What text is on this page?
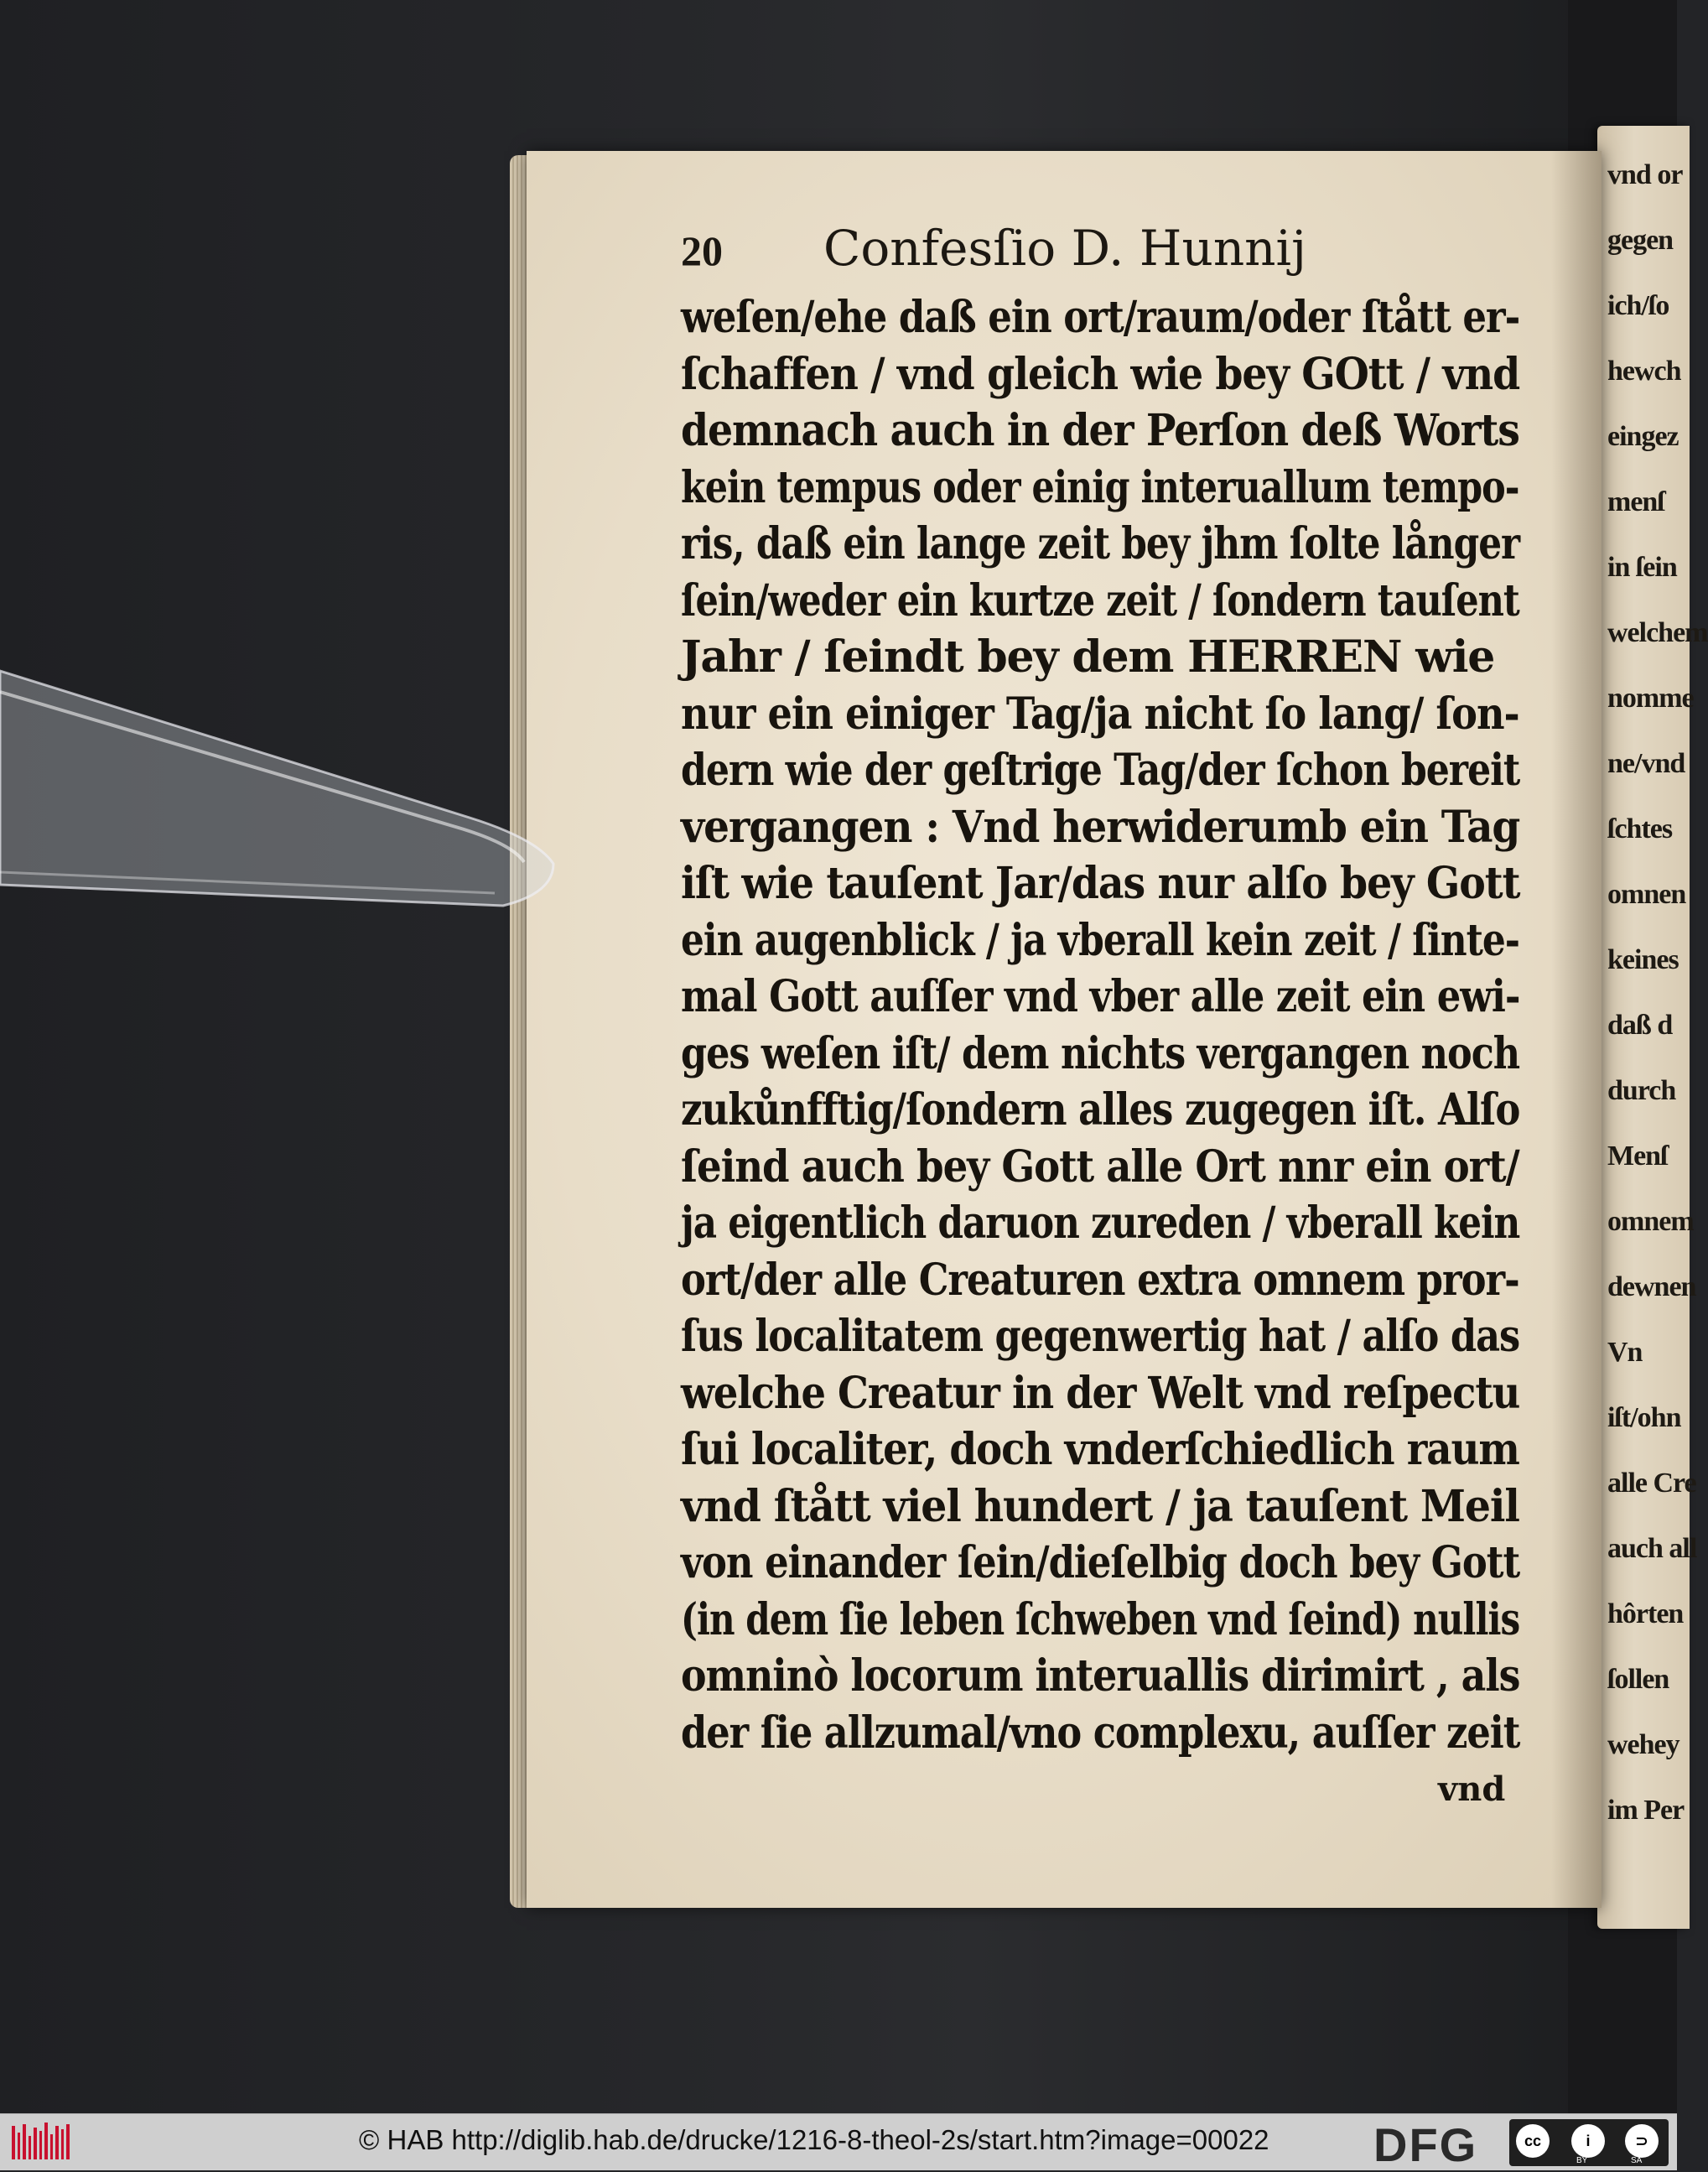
vnd or
gegen
ich/ſo
hewch
eingez
menſ
in ſein
welchem
nomme
ne/vnd
ſchtes
omnen
keines
daß d
durch
Menſ
omnem
dewnen
Vn
iſt/ohn
alle Cre
auch all
hôrten
ſollen
wehey
im Per
20 Confesſio D. Hunnij
weſen/ehe daß ein ort/raum/oder ſtått er-
ſchaffen / vnd gleich wie bey GOtt / vnd
demnach auch in der Perſon deß Worts
kein tempus oder einig interuallum tempo-
ris, daß ein lange zeit bey jhm ſolte långer
ſein/weder ein kurtze zeit / ſondern tauſent
Jahr / ſeindt bey dem HERREN wie
nur ein einiger Tag/ja nicht ſo lang/ ſon-
dern wie der geſtrige Tag/der ſchon bereit
vergangen : Vnd herwiderumb ein Tag
iſt wie tauſent Jar/das nur alſo bey Gott
ein augenblick / ja vberall kein zeit / ſinte-
mal Gott auſſer vnd vber alle zeit ein ewi-
ges weſen iſt/ dem nichts vergangen noch
zukůnfftig/ſondern alles zugegen iſt. Alſo
ſeind auch bey Gott alle Ort nnr ein ort/
ja eigentlich daruon zureden / vberall kein
ort/der alle Creaturen extra omnem pror-
ſus localitatem gegenwertig hat / alſo das
welche Creatur in der Welt vnd reſpectu
ſui localiter, doch vnderſchiedlich raum
vnd ſtått viel hundert / ja tauſent Meil
von einander ſein/dieſelbig doch bey Gott
(in dem ſie leben ſchweben vnd ſeind) nullis
omninò locorum interuallis dirimirt , als
der ſie allzumal/vno complexu, auſſer zeit
vnd
© HAB http://diglib.hab.de/drucke/1216-8-theol-2s/start.htm?image=00022 DFG	cc	i	⊃
BY	SA
